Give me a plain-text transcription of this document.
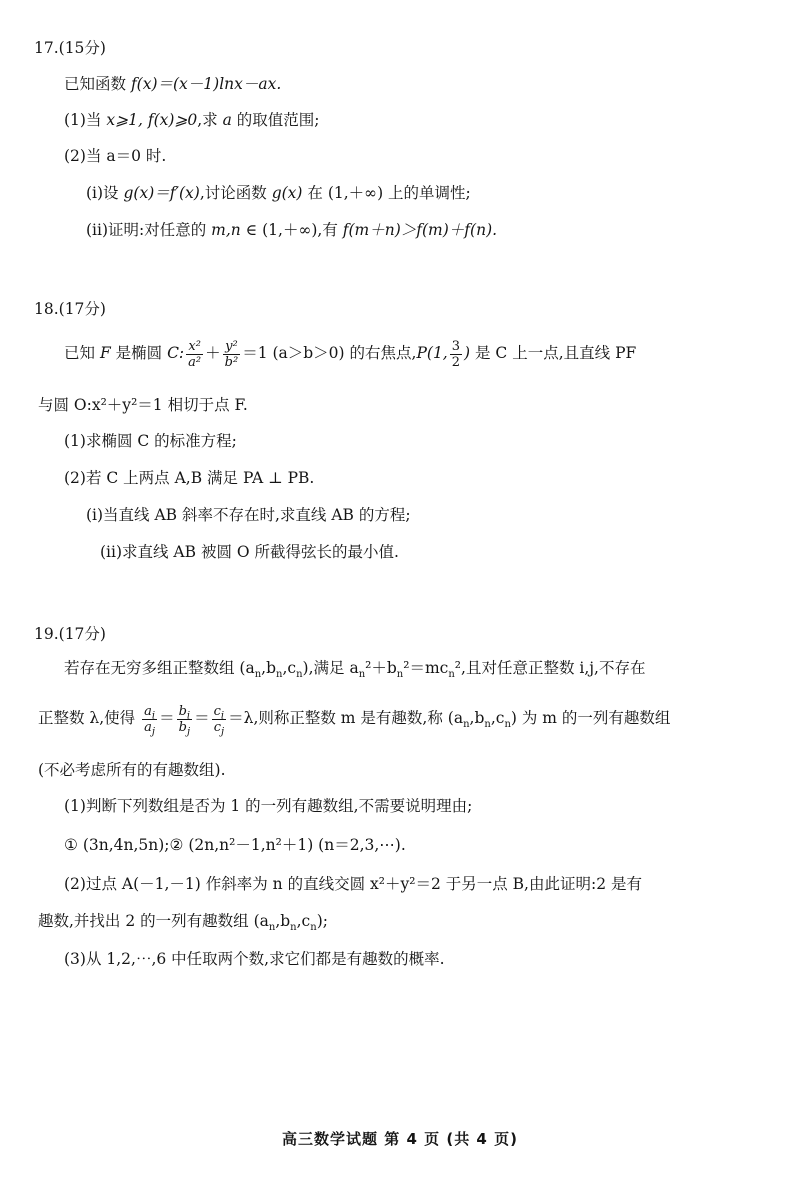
17.(15分)
已知函数 f(x)＝(x－1)lnx－ax.
(1)当 x⩾1, f(x)⩾0,求 a 的取值范围;
(2)当 a＝0 时.
(i)设 g(x)＝f′(x),讨论函数 g(x) 在 (1,＋∞) 上的单调性;
(ii)证明:对任意的 m,n ∈ (1,＋∞),有 f(m＋n)＞f(m)＋f(n).
18.(17分)
已知 F 是椭圆 C: $\frac{\text{x²}}{\text{a²}} + \frac{\text{y²}}{\text{b²}} =1$ (a＞b＞0) 的右焦点,P(1, $\frac{3}{2}$ ) 是 C 上一点,且直线 PF
与圆 O:x²＋y²＝1 相切于点 F.
(1)求椭圆 C 的标准方程;
(2)若 C 上两点 A,B 满足 PA ⊥ PB.
(i)当直线 AB 斜率不存在时,求直线 AB 的方程;
(ii)求直线 AB 被圆 O 所截得弦长的最小值.
19.(17分)
若存在无穷多组正整数组 $(a_n,b_n,c_n)$,满足 $a_n^2+b_n^2=mc_n^2$,且对任意正整数 i,j,不存在
正整数 λ,使得 $\frac{a_i}{a_j} = \frac{b_i}{b_j} = \frac{c_i}{c_j} =\lambda$,则称正整数 m 是有趣数,称 $(a_n,b_n,c_n)$ 为 m 的一列有趣数组
(不必考虑所有的有趣数组).
(1)判断下列数组是否为 1 的一列有趣数组,不需要说明理由;
① (3n,4n,5n);② (2n,n²－1,n²＋1) (n＝2,3,⋯).
(2)过点 A(－1,－1) 作斜率为 n 的直线交圆 x²＋y²＝2 于另一点 B,由此证明:2 是有
趣数,并找出 2 的一列有趣数组 $(a_n,b_n,c_n)$;
(3)从 1,2,⋯,6 中任取两个数,求它们都是有趣数的概率.
高三数学试题 第 4 页 (共 4 页)
